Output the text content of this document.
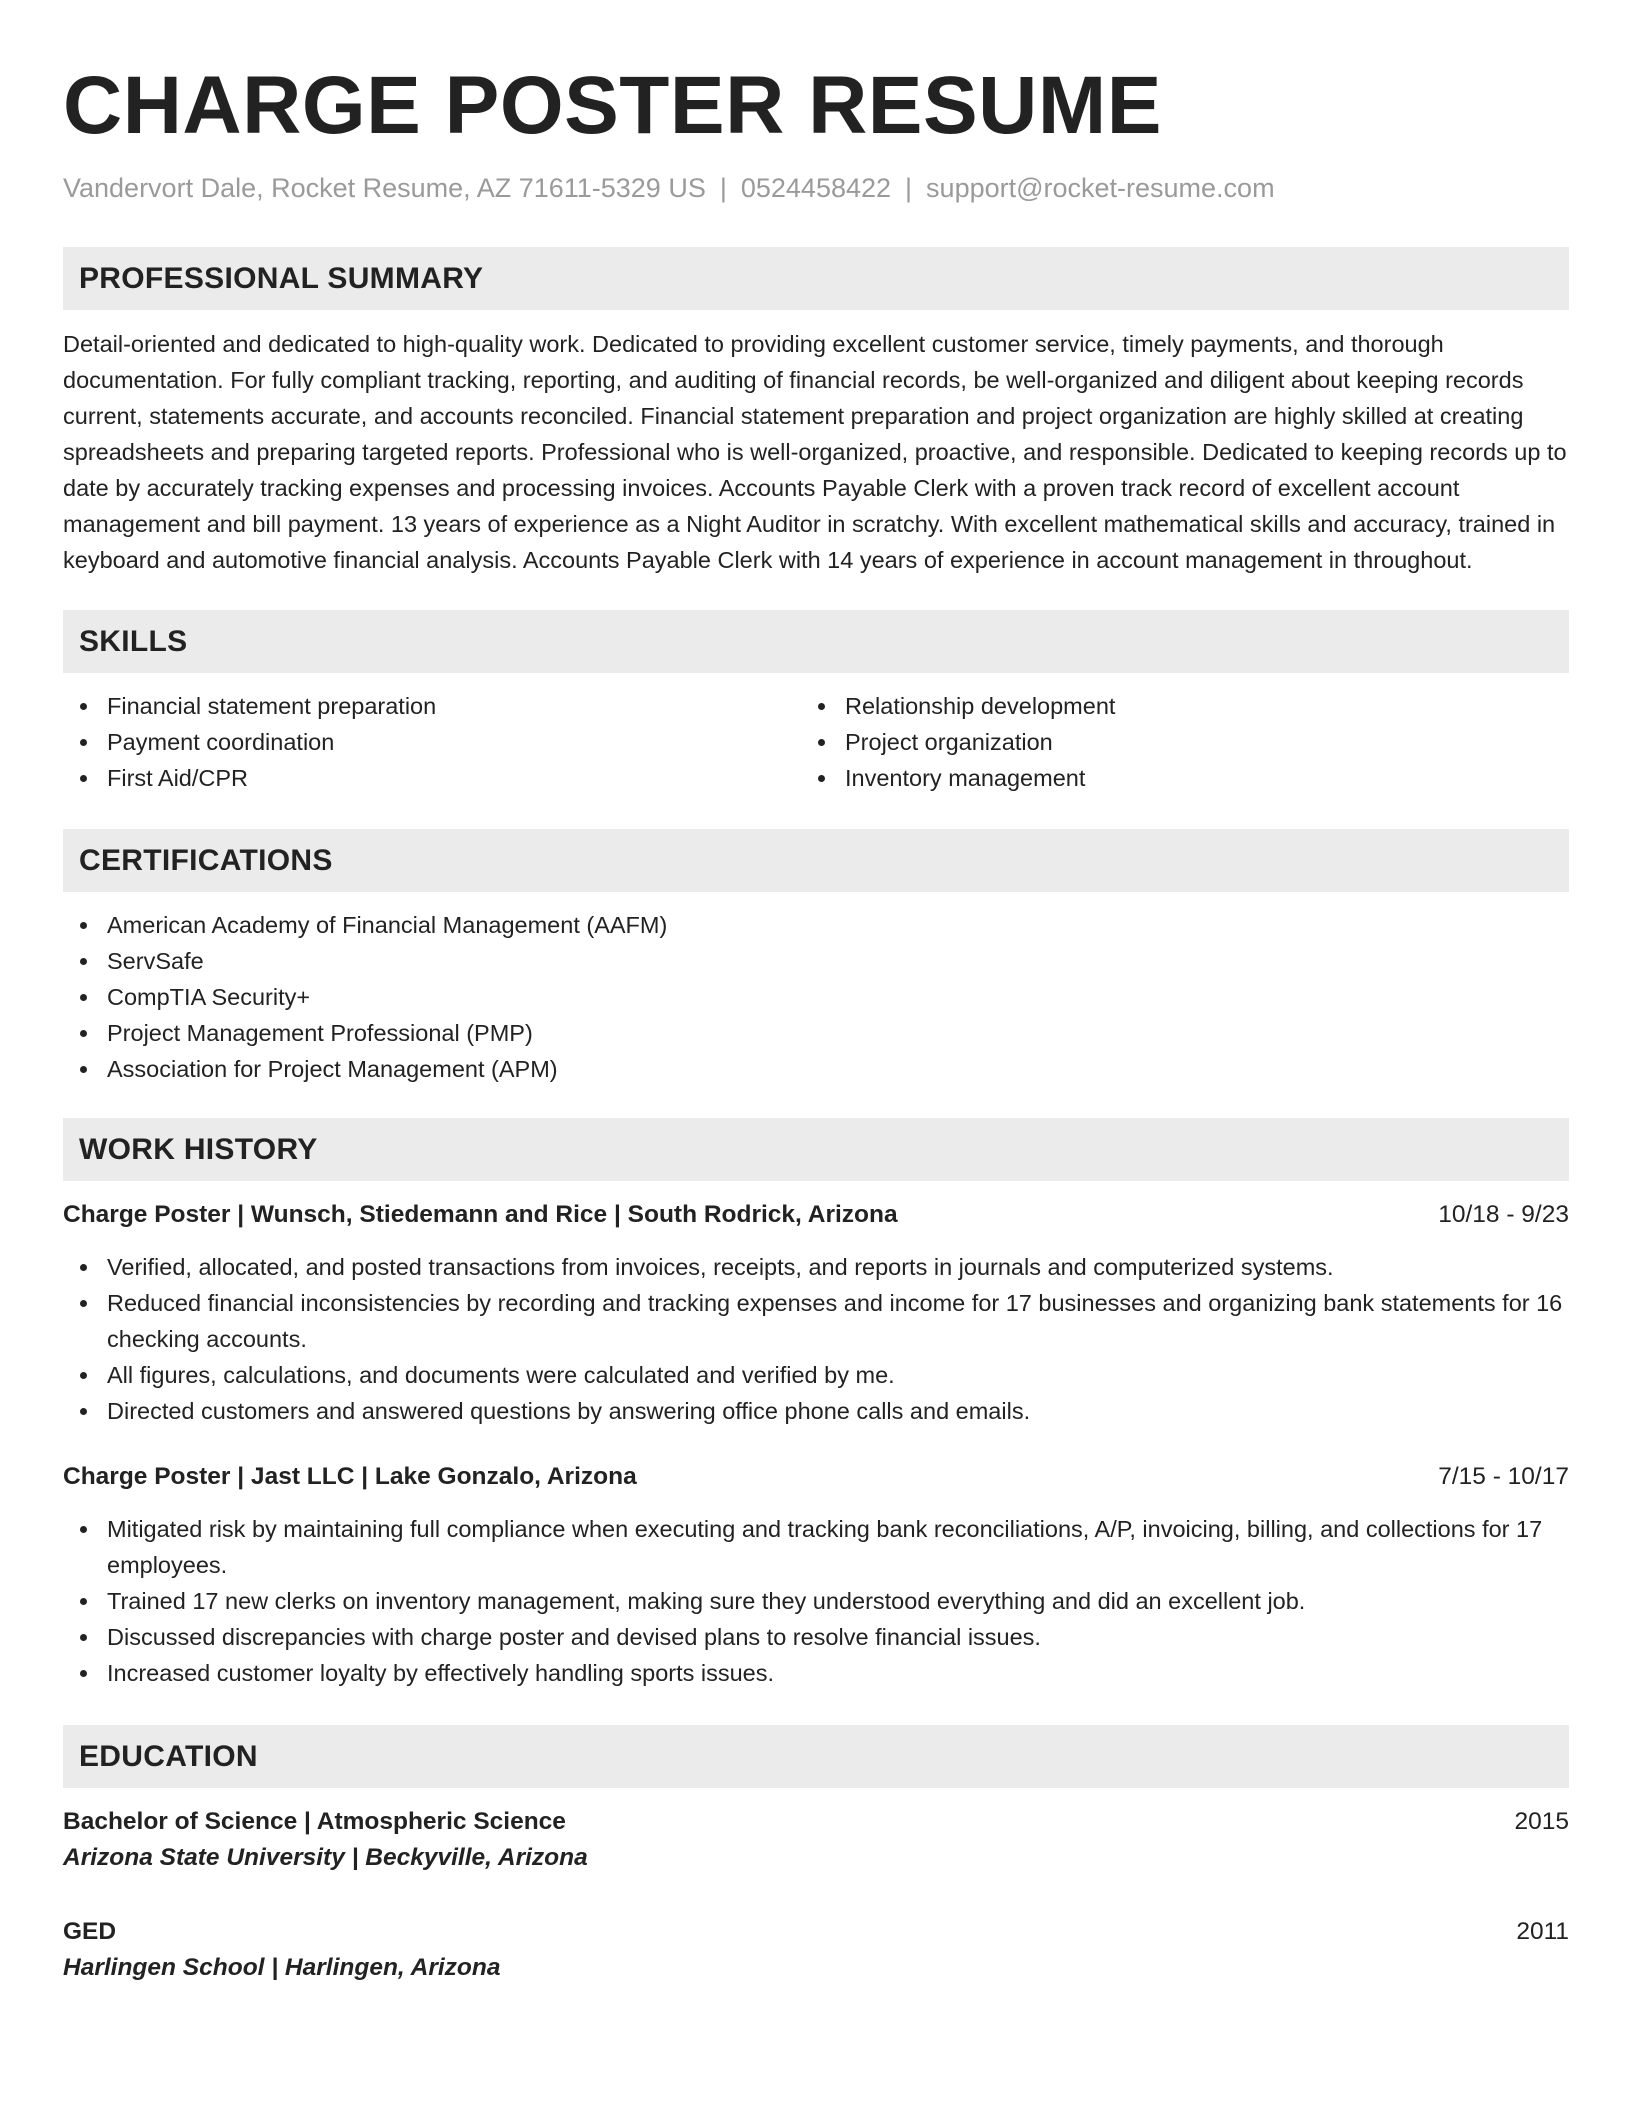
CHARGE POSTER RESUME
Vandervort Dale, Rocket Resume, AZ 71611-5329 US | 0524458422 | support@rocket-resume.com
PROFESSIONAL SUMMARY

Detail-oriented and dedicated to high-quality work. Dedicated to providing excellent customer service, timely payments, and thorough documentation. For fully compliant tracking, reporting, and auditing of financial records, be well-organized and diligent about keeping records current, statements accurate, and accounts reconciled. Financial statement preparation and project organization are highly skilled at creating spreadsheets and preparing targeted reports. Professional who is well-organized, proactive, and responsible. Dedicated to keeping records up to date by accurately tracking expenses and processing invoices. Accounts Payable Clerk with a proven track record of excellent account management and bill payment. 13 years of experience as a Night Auditor in scratchy. With excellent mathematical skills and accuracy, trained in keyboard and automotive financial analysis. Accounts Payable Clerk with 14 years of experience in account management in throughout.

SKILLS
Financial statement preparation
Payment coordination
First Aid/CPR
Relationship development
Project organization
Inventory management
CERTIFICATIONS
American Academy of Financial Management (AAFM)
ServSafe
CompTIA Security+
Project Management Professional (PMP)
Association for Project Management (APM)
WORK HISTORY
Charge Poster | Wunsch, Stiedemann and Rice | South Rodrick, Arizona	10/18 - 9/23
Verified, allocated, and posted transactions from invoices, receipts, and reports in journals and computerized systems.
Reduced financial inconsistencies by recording and tracking expenses and income for 17 businesses and organizing bank statements for 16 checking accounts.
All figures, calculations, and documents were calculated and verified by me.
Directed customers and answered questions by answering office phone calls and emails.
Charge Poster | Jast LLC | Lake Gonzalo, Arizona	7/15 - 10/17
Mitigated risk by maintaining full compliance when executing and tracking bank reconciliations, A/P, invoicing, billing, and collections for 17 employees.
Trained 17 new clerks on inventory management, making sure they understood everything and did an excellent job.
Discussed discrepancies with charge poster and devised plans to resolve financial issues.
Increased customer loyalty by effectively handling sports issues.
EDUCATION
Bachelor of Science | Atmospheric Science	2015
Arizona State University | Beckyville, Arizona
GED	2011
Harlingen School | Harlingen, Arizona
